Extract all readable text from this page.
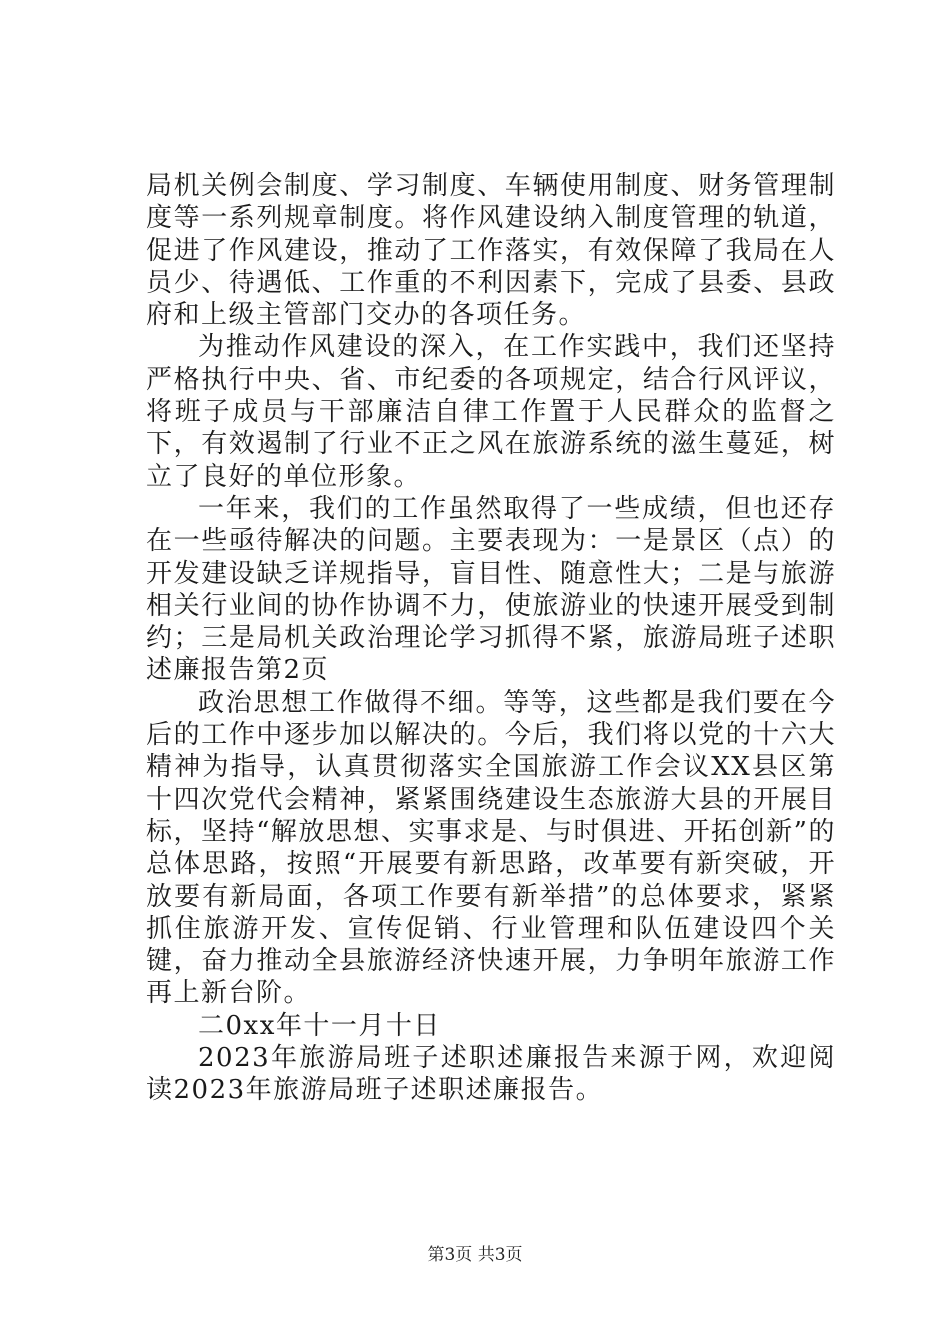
局机关例会制度、学习制度、车辆使用制度、财务管理制度等一系列规章制度。将作风建设纳入制度管理的轨道，促进了作风建设，推动了工作落实，有效保障了我局在人员少、待遇低、工作重的不利因素下，完成了县委、县政府和上级主管部门交办的各项任务。

为推动作风建设的深入，在工作实践中，我们还坚持严格执行中央、省、市纪委的各项规定，结合行风评议，将班子成员与干部廉洁自律工作置于人民群众的监督之下，有效遏制了行业不正之风在旅游系统的滋生蔓延，树立了良好的单位形象。

一年来，我们的工作虽然取得了一些成绩，但也还存在一些亟待解决的问题。主要表现为：一是景区（点）的开发建设缺乏详规指导，盲目性、随意性大；二是与旅游相关行业间的协作协调不力，使旅游业的快速开展受到制约；三是局机关政治理论学习抓得不紧，旅游局班子述职述廉报告第2页

政治思想工作做得不细。等等，这些都是我们要在今后的工作中逐步加以解决的。今后，我们将以党的十六大精神为指导，认真贯彻落实全国旅游工作会议XX县区第十四次党代会精神，紧紧围绕建设生态旅游大县的开展目标，坚持“解放思想、实事求是、与时俱进、开拓创新”的总体思路，按照“开展要有新思路，改革要有新突破，开放要有新局面，各项工作要有新举措”的总体要求，紧紧抓住旅游开发、宣传促销、行业管理和队伍建设四个关键，奋力推动全县旅游经济快速开展，力争明年旅游工作再上新台阶。

二0xx年十一月十日

2023年旅游局班子述职述廉报告来源于网，欢迎阅读2023年旅游局班子述职述廉报告。

第3页 共3页
